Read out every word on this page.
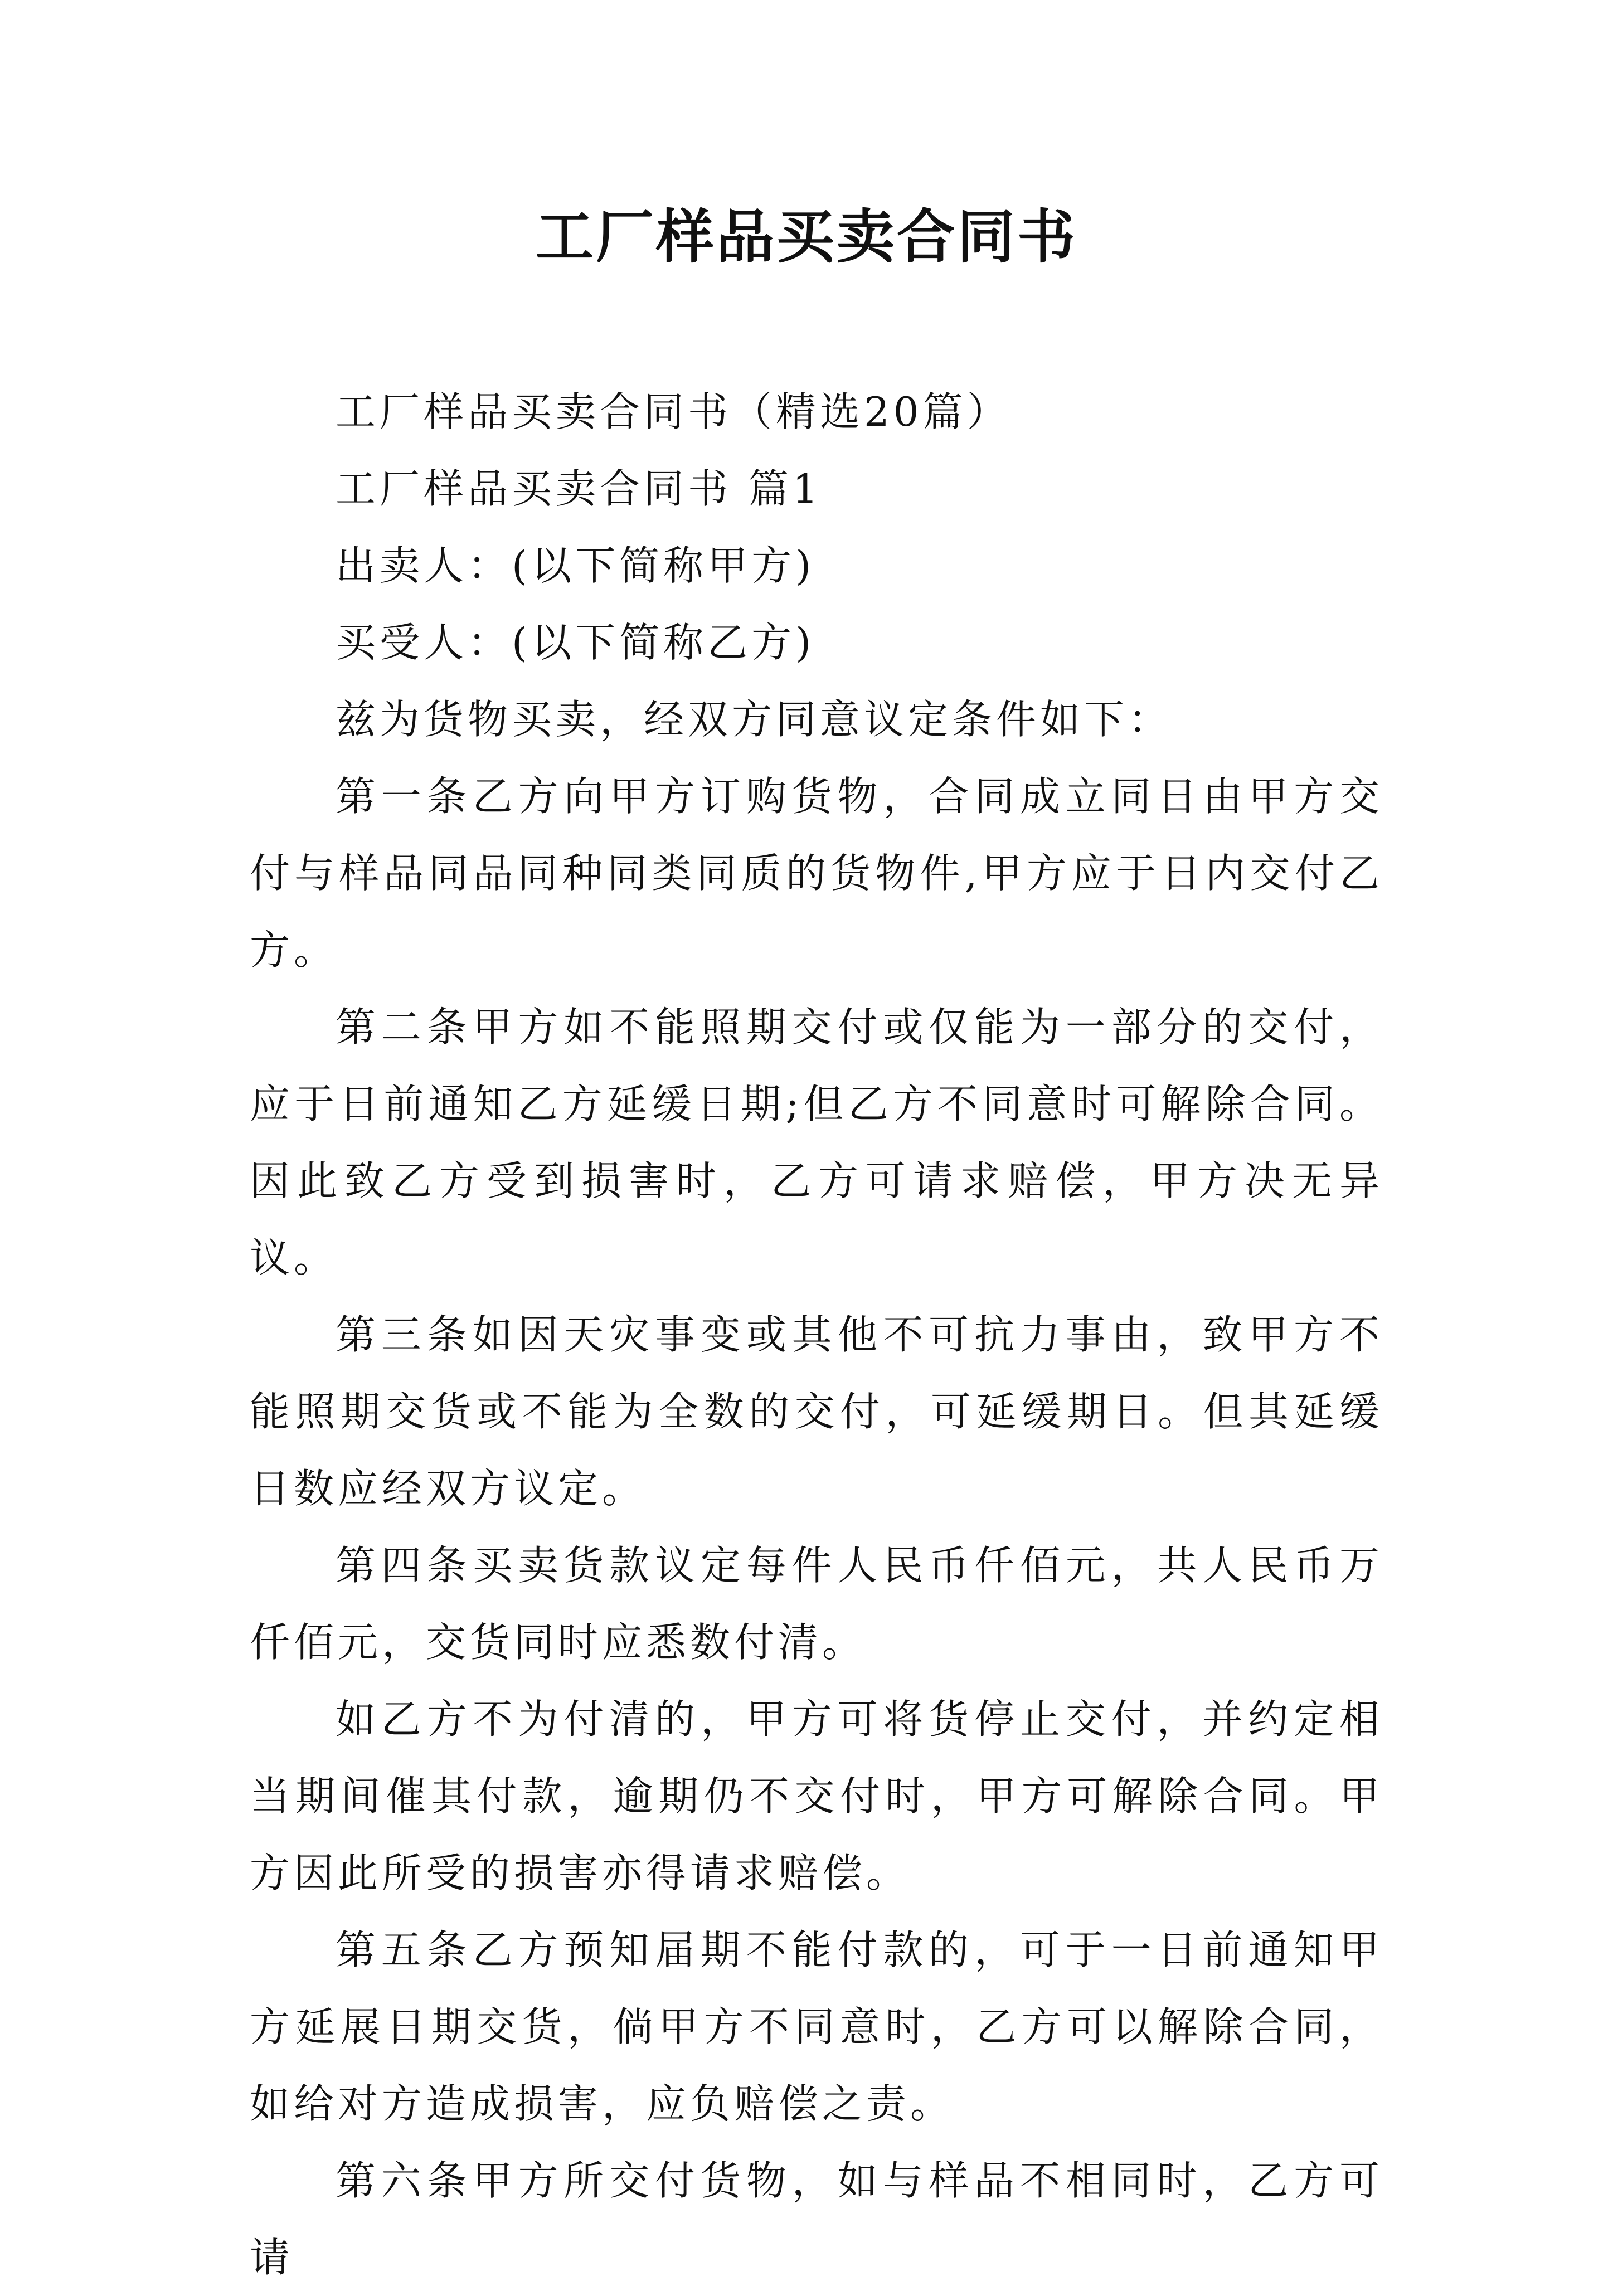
工厂样品买卖合同书

工厂样品买卖合同书（精选20篇）

工厂样品买卖合同书 篇1

出卖人：(以下简称甲方)

买受人：(以下简称乙方)

兹为货物买卖，经双方同意议定条件如下：

第一条乙方向甲方订购货物，合同成立同日由甲方交付与样品同品同种同类同质的货物件,甲方应于日内交付乙方。

第二条甲方如不能照期交付或仅能为一部分的交付，应于日前通知乙方延缓日期;但乙方不同意时可解除合同。因此致乙方受到损害时，乙方可请求赔偿，甲方决无异议。

第三条如因天灾事变或其他不可抗力事由，致甲方不能照期交货或不能为全数的交付，可延缓期日。但其延缓日数应经双方议定。

第四条买卖货款议定每件人民币仟佰元，共人民币万仟佰元，交货同时应悉数付清。

如乙方不为付清的，甲方可将货停止交付，并约定相当期间催其付款，逾期仍不交付时，甲方可解除合同。甲方因此所受的损害亦得请求赔偿。

第五条乙方预知届期不能付款的，可于一日前通知甲方延展日期交货，倘甲方不同意时，乙方可以解除合同，如给对方造成损害，应负赔偿之责。

第六条甲方所交付货物，如与样品不相同时，乙方可请
